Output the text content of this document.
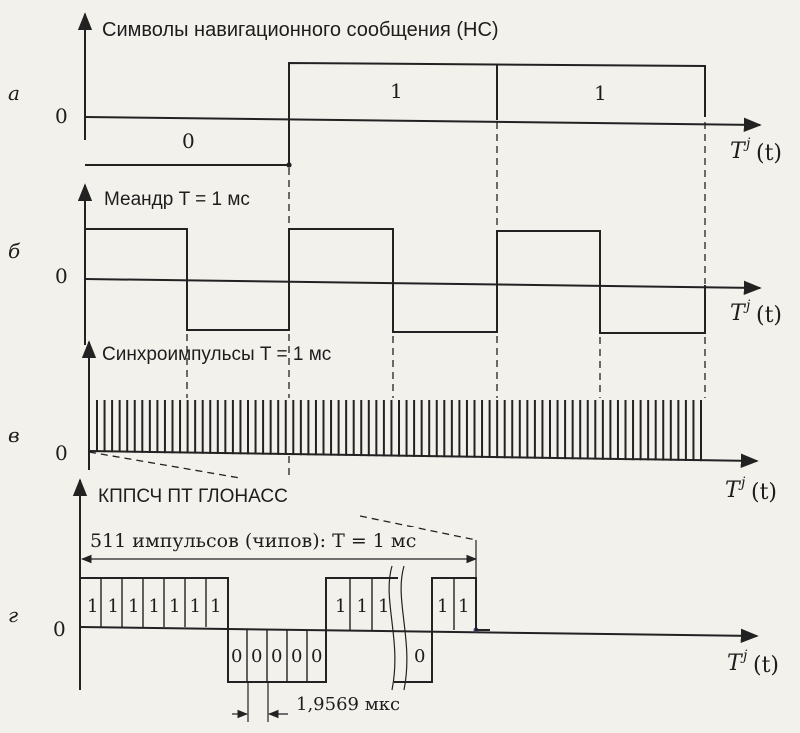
а
0
Символы навигационного сообщения (НС)
0
1	1
T j (t)
б
0
Меандр T = 1 мс
T j (t)
в
0
Синхроимпульсы T = 1 мс
T j (t)
г
0
КППСЧ ПТ ГЛОНАСС
511 импульсов (чипов): T = 1 мс
1 1 1 1 1 1 1
0 0 0 0 0
1 1 1	1 1
0
1,9569 мкс
T j (t)
